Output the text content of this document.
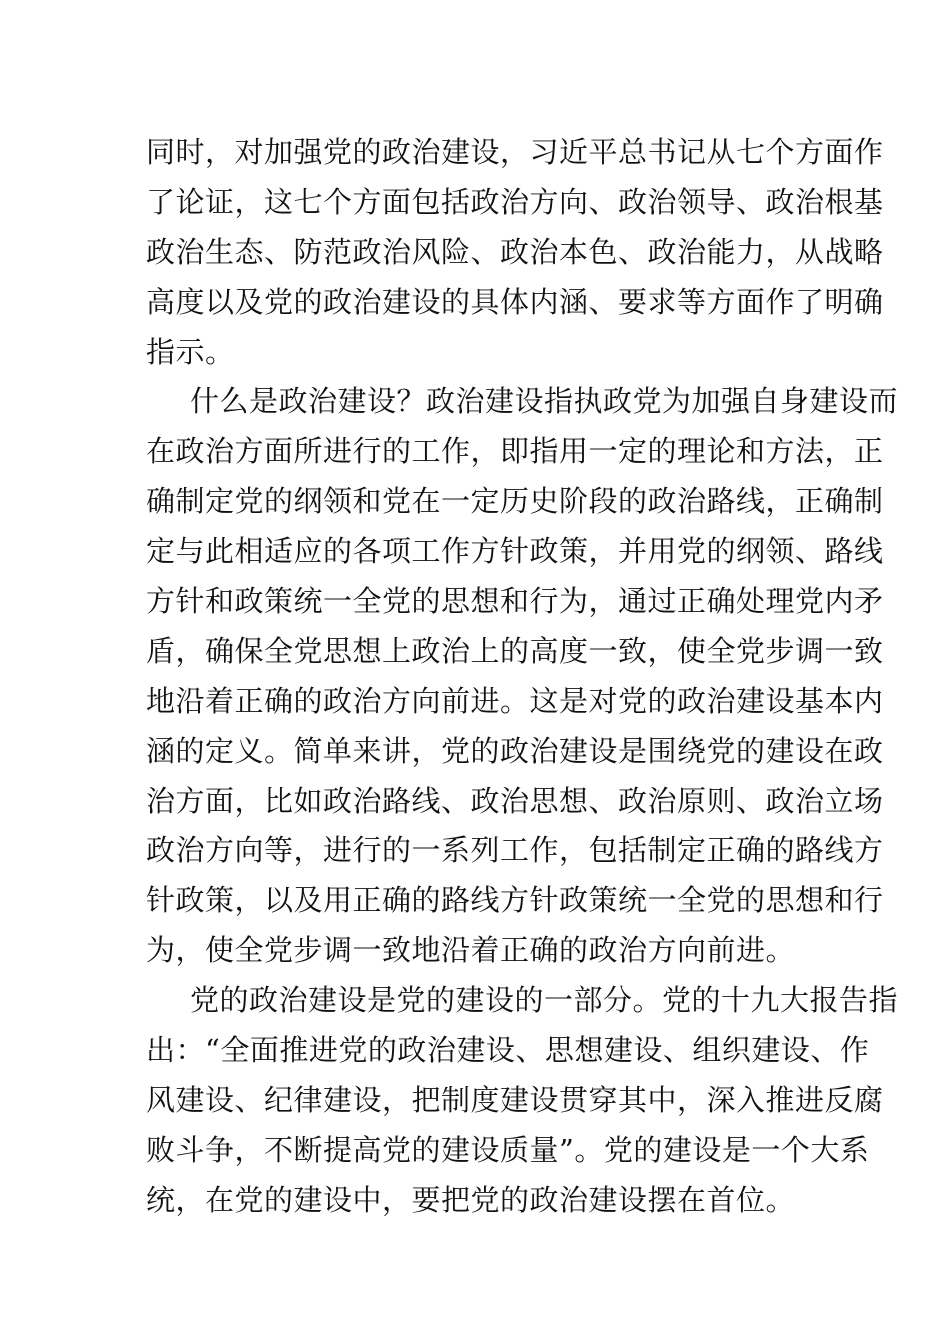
同时，对加强党的政治建设，习近平总书记从七个方面作
了论证，这七个方面包括政治方向、政治领导、政治根基
政治生态、防范政治风险、政治本色、政治能力，从战略
高度以及党的政治建设的具体内涵、要求等方面作了明确
指示。
什么是政治建设？政治建设指执政党为加强自身建设而
在政治方面所进行的工作，即指用一定的理论和方法，正
确制定党的纲领和党在一定历史阶段的政治路线，正确制
定与此相适应的各项工作方针政策，并用党的纲领、路线
方针和政策统一全党的思想和行为，通过正确处理党内矛
盾，确保全党思想上政治上的高度一致，使全党步调一致
地沿着正确的政治方向前进。这是对党的政治建设基本内
涵的定义。简单来讲，党的政治建设是围绕党的建设在政
治方面，比如政治路线、政治思想、政治原则、政治立场
政治方向等，进行的一系列工作，包括制定正确的路线方
针政策，以及用正确的路线方针政策统一全党的思想和行
为，使全党步调一致地沿着正确的政治方向前进。
党的政治建设是党的建设的一部分。党的十九大报告指
出：“全面推进党的政治建设、思想建设、组织建设、作
风建设、纪律建设，把制度建设贯穿其中，深入推进反腐
败斗争，不断提高党的建设质量”。党的建设是一个大系
统，在党的建设中，要把党的政治建设摆在首位。
